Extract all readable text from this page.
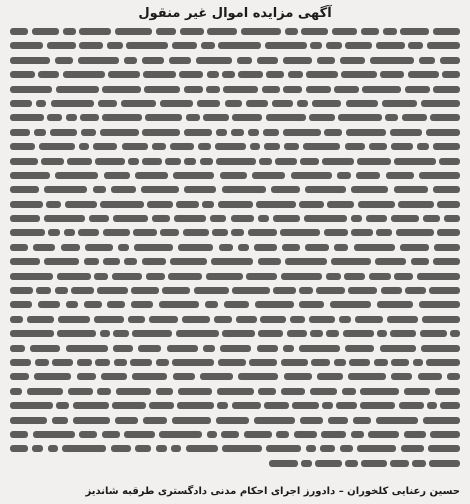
آگهی مزایده اموال غیر منقول
حسین رعنایی کلخوران – دادورز اجرای احکام مدنی دادگستری طرقبه شاندیز
